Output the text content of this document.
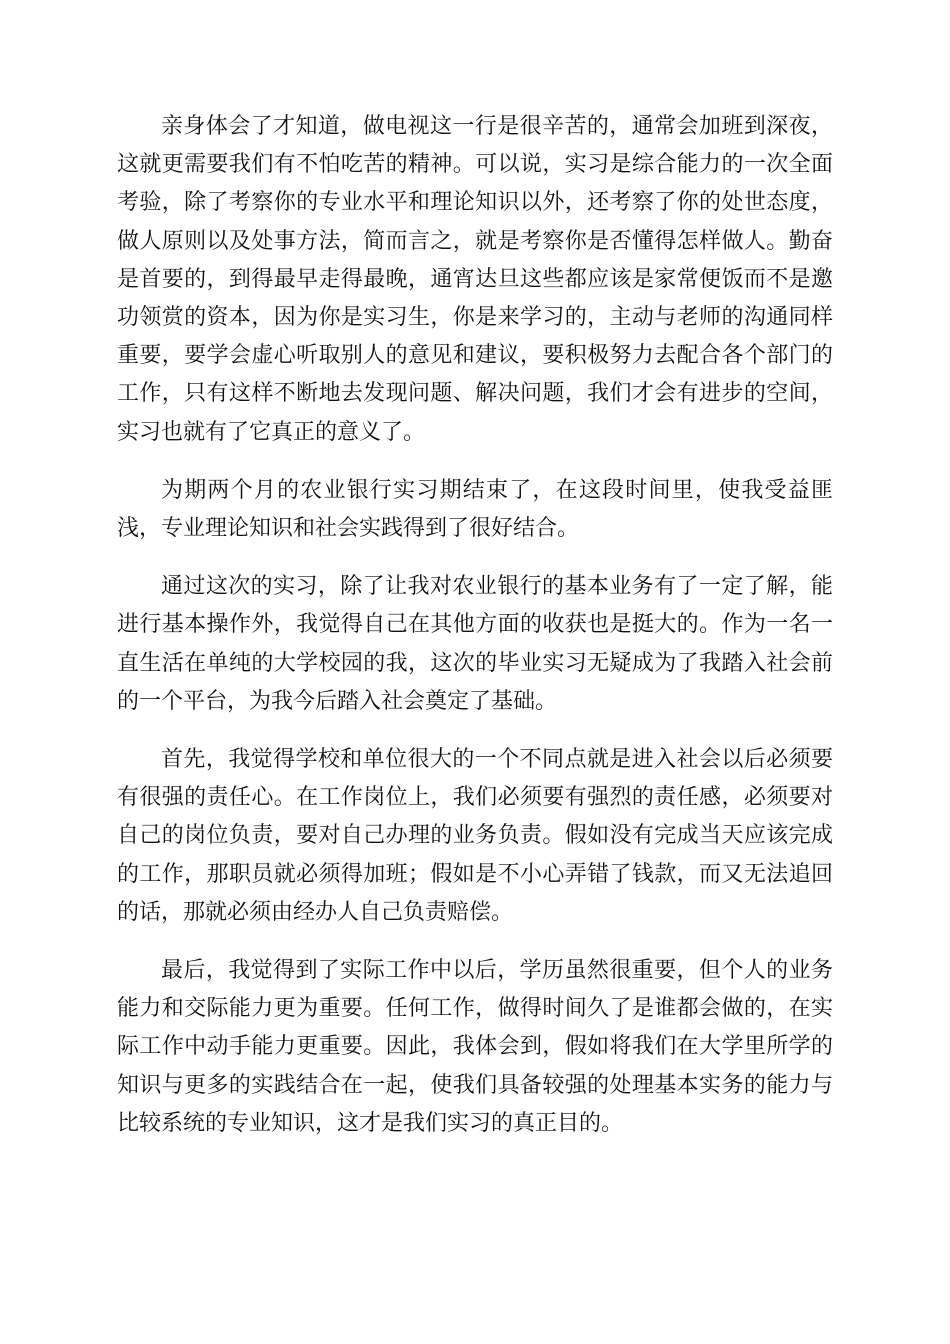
亲身体会了才知道，做电视这一行是很辛苦的，通常会加班到深夜，这就更需要我们有不怕吃苦的精神。可以说，实习是综合能力的一次全面考验，除了考察你的专业水平和理论知识以外，还考察了你的处世态度，做人原则以及处事方法，简而言之，就是考察你是否懂得怎样做人。勤奋是首要的，到得最早走得最晚，通宵达旦这些都应该是家常便饭而不是邀功领赏的资本，因为你是实习生，你是来学习的，主动与老师的沟通同样重要，要学会虚心听取别人的意见和建议，要积极努力去配合各个部门的工作，只有这样不断地去发现问题、解决问题，我们才会有进步的空间，实习也就有了它真正的意义了。

为期两个月的农业银行实习期结束了，在这段时间里，使我受益匪浅，专业理论知识和社会实践得到了很好结合。

通过这次的实习，除了让我对农业银行的基本业务有了一定了解，能进行基本操作外，我觉得自己在其他方面的收获也是挺大的。作为一名一直生活在单纯的大学校园的我，这次的毕业实习无疑成为了我踏入社会前的一个平台，为我今后踏入社会奠定了基础。

首先，我觉得学校和单位很大的一个不同点就是进入社会以后必须要有很强的责任心。在工作岗位上，我们必须要有强烈的责任感，必须要对自己的岗位负责，要对自己办理的业务负责。假如没有完成当天应该完成的工作，那职员就必须得加班；假如是不小心弄错了钱款，而又无法追回的话，那就必须由经办人自己负责赔偿。

最后，我觉得到了实际工作中以后，学历虽然很重要，但个人的业务能力和交际能力更为重要。任何工作，做得时间久了是谁都会做的，在实际工作中动手能力更重要。因此，我体会到，假如将我们在大学里所学的知识与更多的实践结合在一起，使我们具备较强的处理基本实务的能力与比较系统的专业知识，这才是我们实习的真正目的。
